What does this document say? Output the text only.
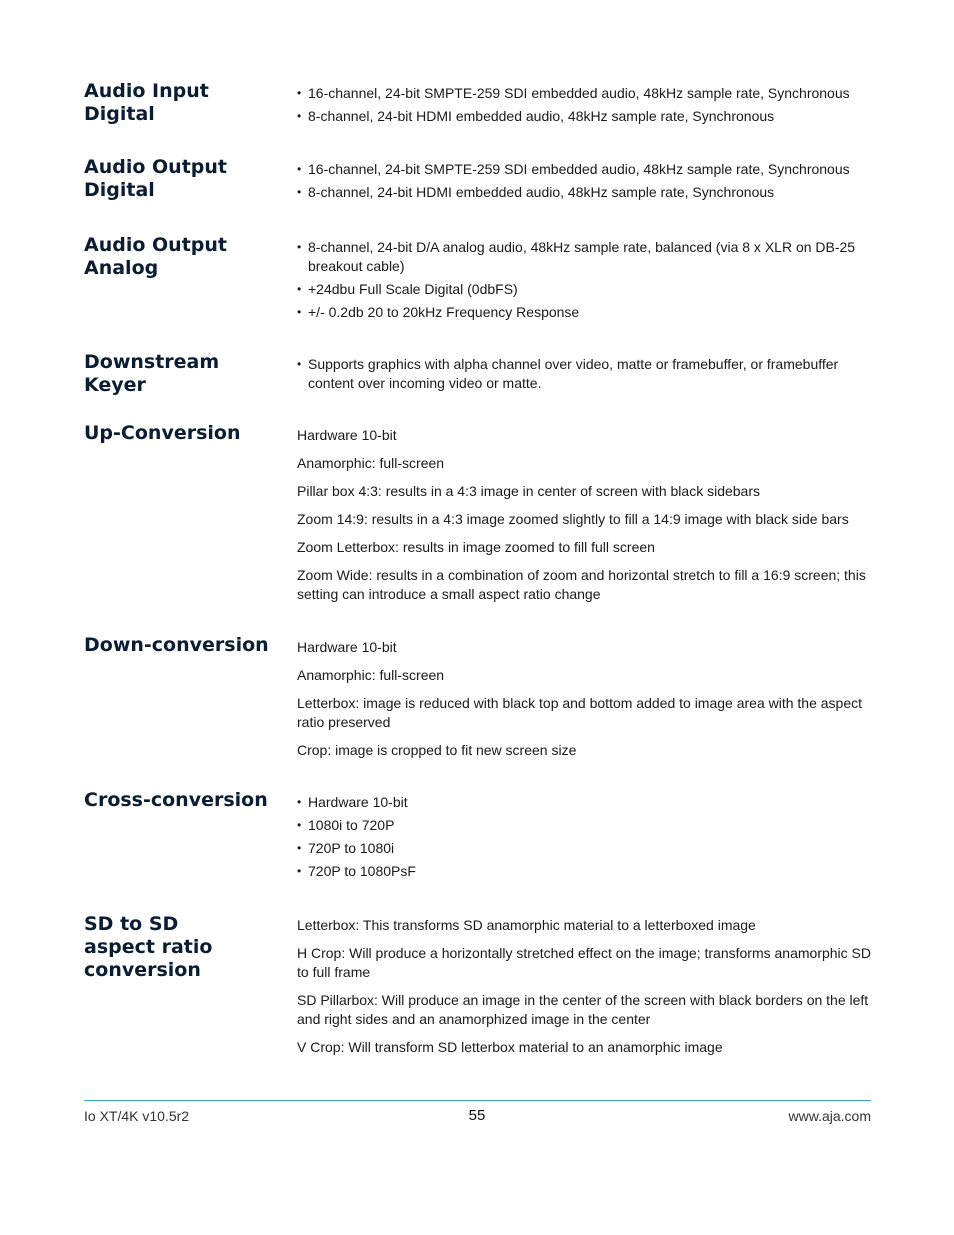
Audio Input Digital
• 16-channel, 24-bit SMPTE-259 SDI embedded audio, 48kHz sample rate, Synchronous
• 8-channel, 24-bit HDMI embedded audio, 48kHz sample rate, Synchronous
Audio Output Digital
• 16-channel, 24-bit SMPTE-259 SDI embedded audio, 48kHz sample rate, Synchronous
• 8-channel, 24-bit HDMI embedded audio, 48kHz sample rate, Synchronous
Audio Output Analog
• 8-channel, 24-bit D/A analog audio, 48kHz sample rate, balanced (via 8 x XLR on DB-25 breakout cable)
• +24dbu Full Scale Digital (0dbFS)
• +/- 0.2db 20 to 20kHz Frequency Response
Downstream Keyer
• Supports graphics with alpha channel over video, matte or framebuffer, or framebuffer content over incoming video or matte.
Up-Conversion	Hardware 10-bit

Anamorphic: full-screen

Pillar box 4:3: results in a 4:3 image in center of screen with black sidebars

Zoom 14:9: results in a 4:3 image zoomed slightly to fill a 14:9 image with black side bars

Zoom Letterbox: results in image zoomed to fill full screen

Zoom Wide: results in a combination of zoom and horizontal stretch to fill a 16:9 screen; this setting can introduce a small aspect ratio change

Down-conversion	Hardware 10-bit

Anamorphic: full-screen

Letterbox: image is reduced with black top and bottom added to image area with the aspect ratio preserved

Crop: image is cropped to fit new screen size

Cross-conversion
•	Hardware 10-bit
• 1080i to 720P
• 720P to 1080i
• 720P to 1080PsF
SD to SD aspect ratio conversion

Letterbox: This transforms SD anamorphic material to a letterboxed image

H Crop: Will produce a horizontally stretched effect on the image; transforms anamorphic SD to full frame

SD Pillarbox: Will produce an image in the center of the screen with black borders on the left and right sides and an anamorphized image in the center

V Crop: Will transform SD letterbox material to an anamorphic image

Io XT/4K v10.5r2	55	www.aja.com
